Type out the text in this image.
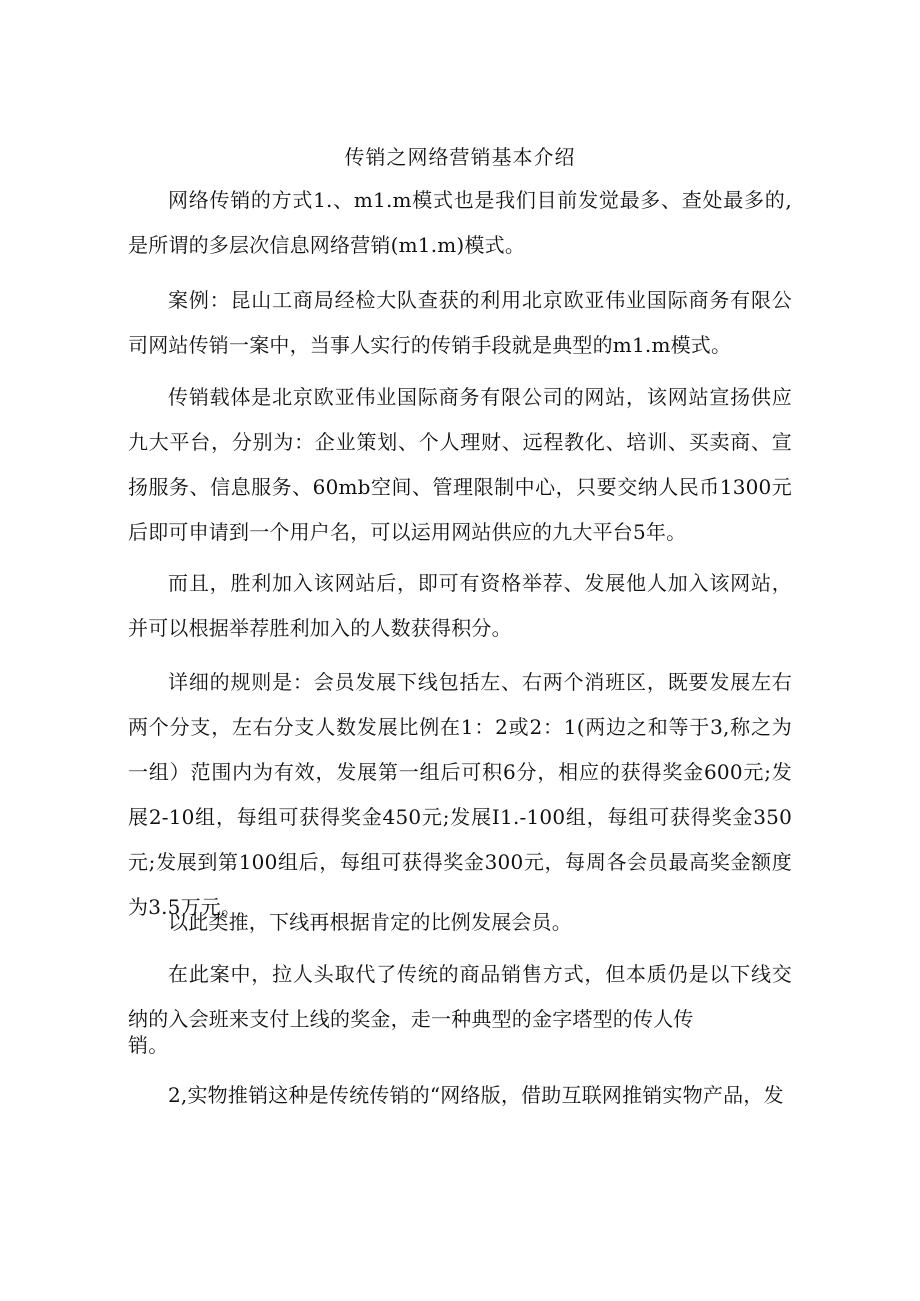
传销之网络营销基本介绍

网络传销的方式1.、m1.m模式也是我们目前发觉最多、查处最多的,是所谓的多层次信息网络营销(m1.m)模式。

案例：昆山工商局经检大队查获的利用北京欧亚伟业国际商务有限公司网站传销一案中，当事人实行的传销手段就是典型的m1.m模式。

传销载体是北京欧亚伟业国际商务有限公司的网站，该网站宣扬供应九大平台，分别为：企业策划、个人理财、远程教化、培训、买卖商、宣扬服务、信息服务、60mb空间、管理限制中心，只要交纳人民币1300元后即可申请到一个用户名，可以运用网站供应的九大平台5年。

而且，胜利加入该网站后，即可有资格举荐、发展他人加入该网站，并可以根据举荐胜利加入的人数获得积分。

详细的规则是：会员发展下线包括左、右两个消班区，既要发展左右两个分支，左右分支人数发展比例在1：2或2：1(两边之和等于3,称之为一组）范围内为有效，发展第一组后可积6分，相应的获得奖金600元;发展2-10组，每组可获得奖金450元;发展I1.-100组，每组可获得奖金350元;发展到第100组后，每组可获得奖金300元，每周各会员最高奖金额度为3.5万元。

以此类推，下线再根据肯定的比例发展会员。

在此案中，拉人头取代了传统的商品销售方式，但本质仍是以下线交纳的入会班来支付上线的奖金，走一种典型的金字塔型的传人传
销。

2,实物推销这种是传统传销的“网络版，借助互联网推销实物产品，发
